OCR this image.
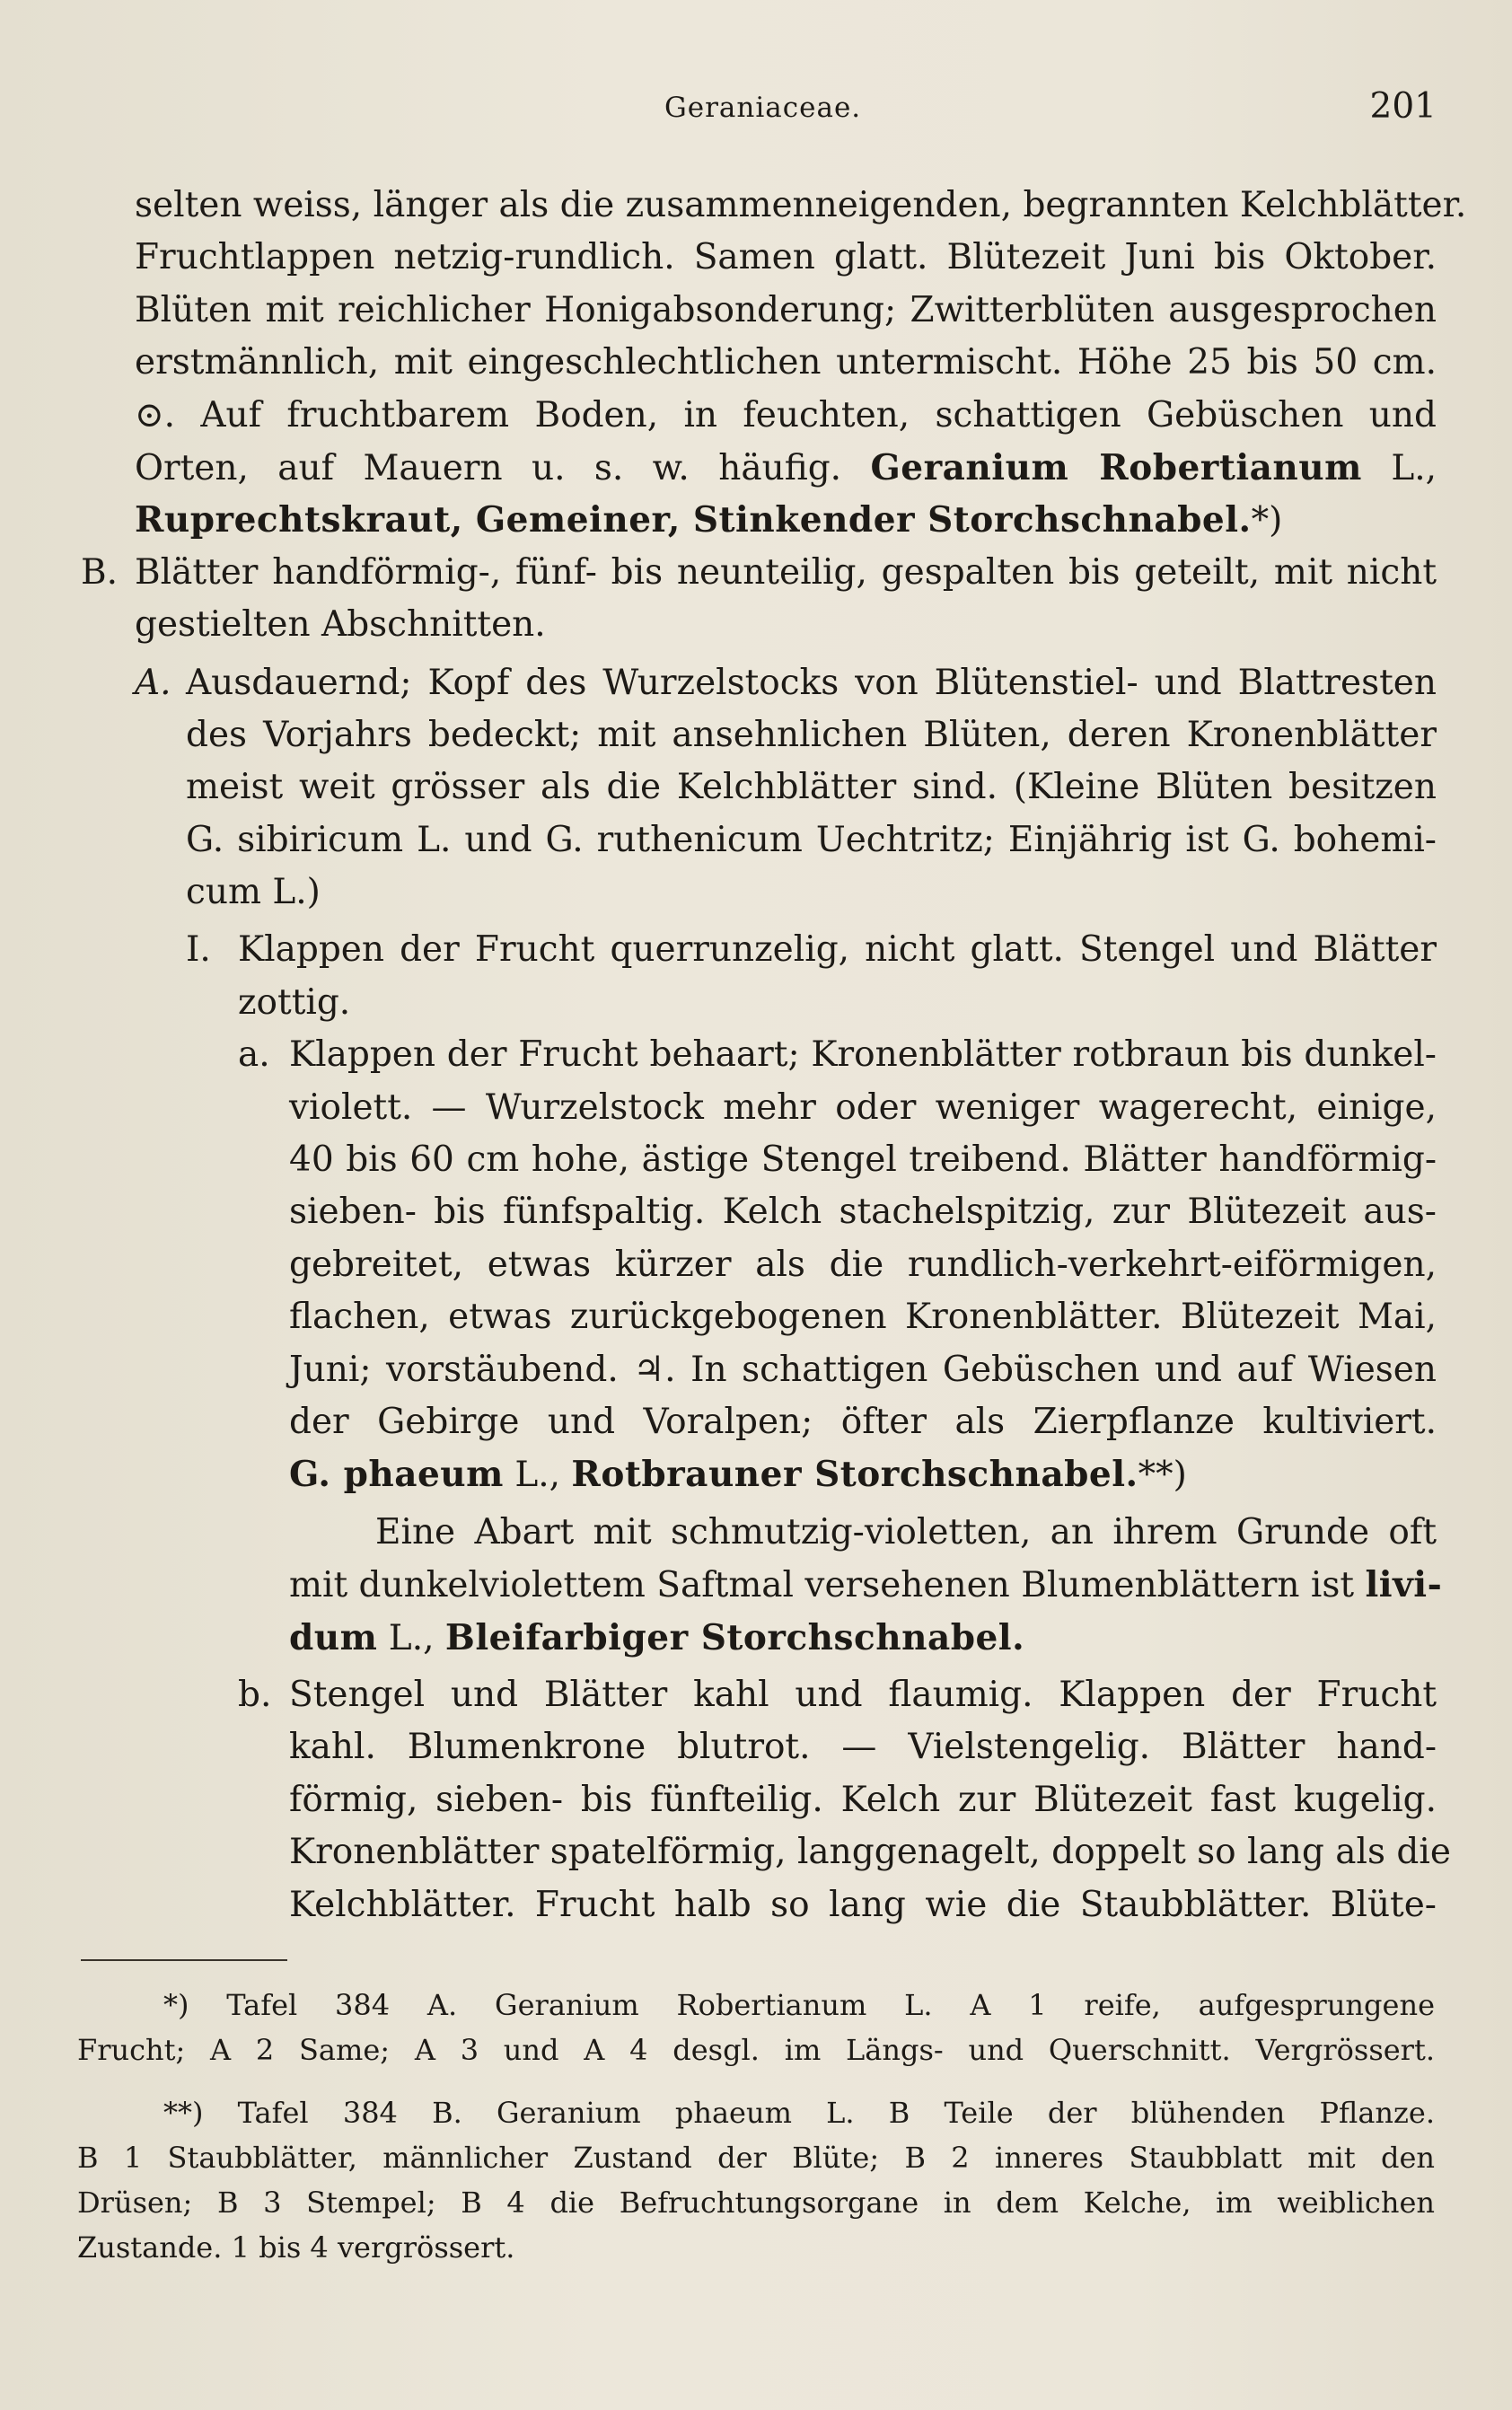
Geraniaceae.	201
selten weiss, länger als die zusammenneigenden, begrannten Kelchblätter.
Fruchtlappen netzig-rundlich. Samen glatt. Blütezeit Juni bis Oktober.
Blüten mit reichlicher Honigabsonderung; Zwitterblüten ausgesprochen
erstmännlich, mit eingeschlechtlichen untermischt. Höhe 25 bis 50 cm.
⊙. Auf fruchtbarem Boden, in feuchten, schattigen Gebüschen und
Orten, auf Mauern u. s. w. häufig. Geranium Robertianum L.,
Ruprechtskraut, Gemeiner, Stinkender Storchschnabel.*)
B. Blätter handförmig-, fünf- bis neunteilig, gespalten bis geteilt, mit nicht
gestielten Abschnitten.
A. Ausdauernd; Kopf des Wurzelstocks von Blütenstiel- und Blattresten
des Vorjahrs bedeckt; mit ansehnlichen Blüten, deren Kronenblätter
meist weit grösser als die Kelchblätter sind. (Kleine Blüten besitzen
G. sibiricum L. und G. ruthenicum Uechtritz; Einjährig ist G. bohemi-
cum L.)
I. Klappen der Frucht querrunzelig, nicht glatt. Stengel und Blätter
zottig.
a. Klappen der Frucht behaart; Kronenblätter rotbraun bis dunkel-
violett. — Wurzelstock mehr oder weniger wagerecht, einige,
40 bis 60 cm hohe, ästige Stengel treibend. Blätter handförmig-
sieben- bis fünfspaltig. Kelch stachelspitzig, zur Blütezeit aus-
gebreitet, etwas kürzer als die rundlich-verkehrt-eiförmigen,
flachen, etwas zurückgebogenen Kronenblätter. Blütezeit Mai,
Juni; vorstäubend. ♃. In schattigen Gebüschen und auf Wiesen
der Gebirge und Voralpen; öfter als Zierpflanze kultiviert.
G. phaeum L., Rotbrauner Storchschnabel.**)
Eine Abart mit schmutzig-violetten, an ihrem Grunde oft
mit dunkelviolettem Saftmal versehenen Blumenblättern ist livi-
dum L., Bleifarbiger Storchschnabel.
b. Stengel und Blätter kahl und flaumig. Klappen der Frucht
kahl. Blumenkrone blutrot. — Vielstengelig. Blätter hand-
förmig, sieben- bis fünfteilig. Kelch zur Blütezeit fast kugelig.
Kronenblätter spatelförmig, langgenagelt, doppelt so lang als die
Kelchblätter. Frucht halb so lang wie die Staubblätter. Blüte-
*) Tafel 384 A. Geranium Robertianum L. A 1 reife, aufgesprungene
Frucht; A 2 Same; A 3 und A 4 desgl. im Längs- und Querschnitt. Vergrössert.
**) Tafel 384 B. Geranium phaeum L. B Teile der blühenden Pflanze.
B 1 Staubblätter, männlicher Zustand der Blüte; B 2 inneres Staubblatt mit den
Drüsen; B 3 Stempel; B 4 die Befruchtungsorgane in dem Kelche, im weiblichen
Zustande. 1 bis 4 vergrössert.
